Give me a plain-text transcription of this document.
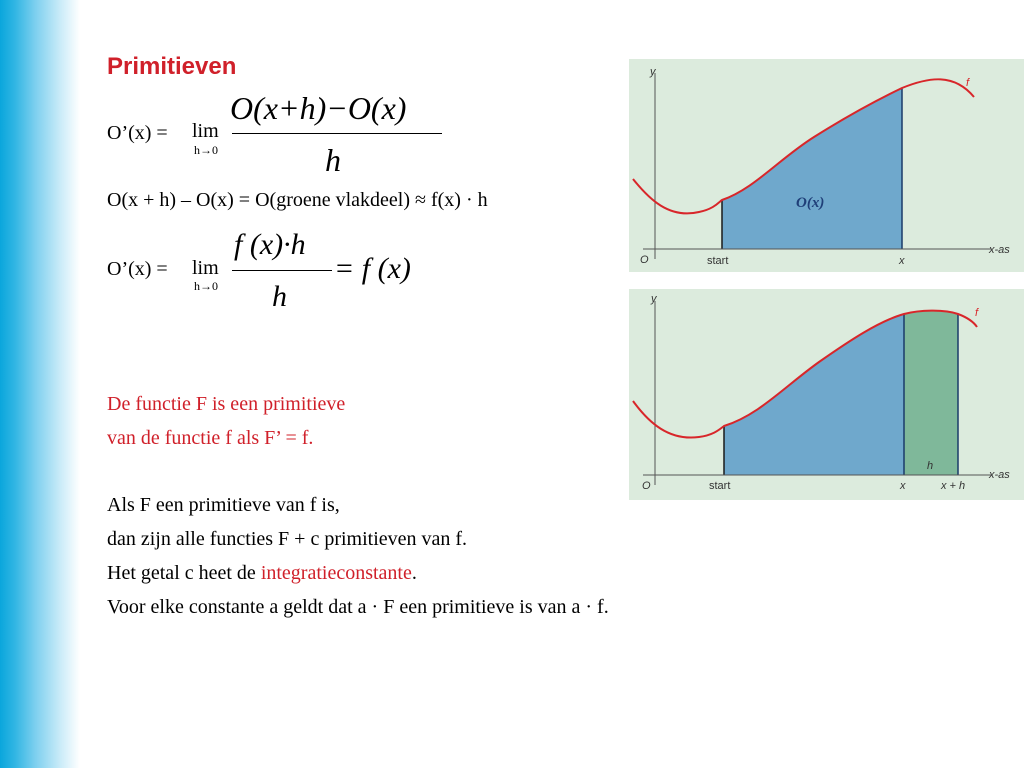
Primitieven
O’(x) = lim
h→0
O(x+h)−O(x)
h
O(x + h) – O(x) = O(groene vlakdeel) ≈ f(x) · h
O’(x) = lim
h→0
f (x)·h
h
= f (x)
De functie F is een primitieve
van de functie f als F’ = f.
Als F een primitieve van f is,
dan zijn alle functies F + c primitieven van f.
Het getal c heet de integratieconstante.
Voor elke constante a geldt dat a · F een primitieve is van a · f.
y
x-as
O	start	x
f
O(x)
y
x-as
O	start	x	x + h
h
f
